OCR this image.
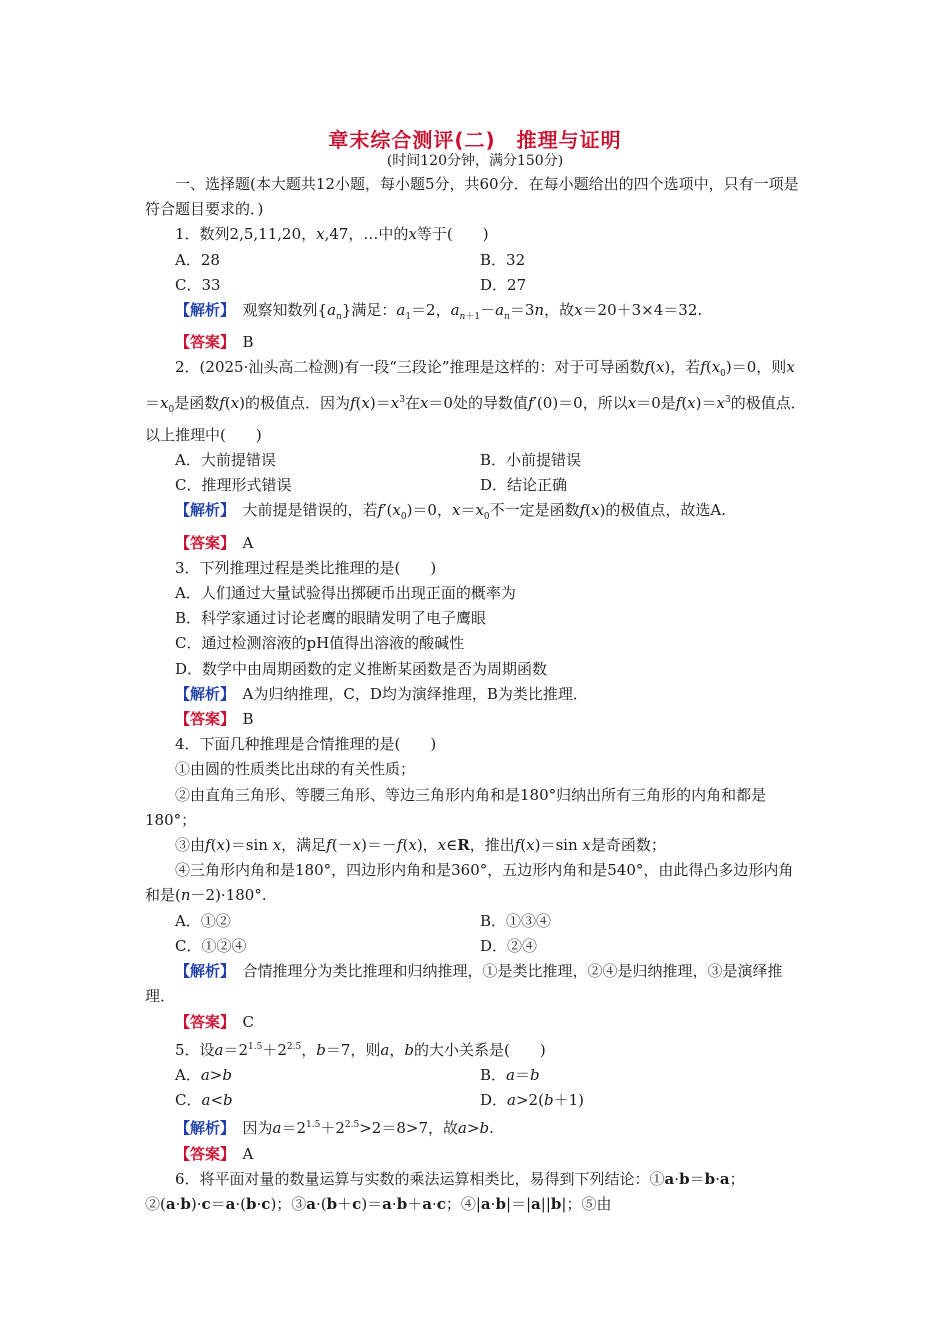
章末综合测评(二)　推理与证明
(时间120分钟，满分150分)

一、选择题(本大题共12小题，每小题5分，共60分．在每小题给出的四个选项中，只有一项是符合题目要求的．)

1．数列2,5,11,20，x,47，…中的x等于(　　)

A．28	B．32
C．33	D．27

【解析】　观察知数列$\{a_n\}$满足：$a_1=2$，$a_{n+1}-a_n=3n$，故x＝20＋3×4＝32.

【答案】　 B

2．(2025·汕头高二检测)有一段“三段论”推理是这样的：对于可导函数f(x)，若$f(x_0)=0$，则$x=x_0$是函数f(x)的极值点．因为$f(x)=x^3$在x＝0处的导数值f′(0)＝0，所以x＝0是$f(x)=x^3$的极值点．以上推理中(　　)

A．大前提错误	B．小前提错误
C．推理形式错误	D．结论正确

【解析】　大前提是错误的，若$f'(x_0)=0$，$x=x_0$不一定是函数f(x)的极值点，故选A.

【答案】　 A

3．下列推理过程是类比推理的是(　　)

A．人们通过大量试验得出掷硬币出现正面的概率为

B．科学家通过讨论老鹰的眼睛发明了电子鹰眼

C．通过检测溶液的pH值得出溶液的酸碱性

D．数学中由周期函数的定义推断某函数是否为周期函数

【解析】　 A为归纳推理，C，D均为演绎推理，B为类比推理．

【答案】　 B

4．下面几种推理是合情推理的是(　　)

①由圆的性质类比出球的有关性质；

②由直角三角形、等腰三角形、等边三角形内角和是180°归纳出所有三角形的内角和都是180°；

③由f(x)＝sin x，满足f(－x)＝－f(x)，x∈R，推出f(x)＝sin x是奇函数；

④三角形内角和是180°，四边形内角和是360°，五边形内角和是540°，由此得凸多边形内角和是(n－2)·180°.

A．①②	B．①③④
C．①②④	D．②④

【解析】　 合情推理分为类比推理和归纳推理，①是类比推理，②④是归纳推理，③是演绎推理．

【答案】　 C

5．设$a=2^{1.5}+2^{2.5}$，b＝7，则a，b的大小关系是(　　)

A．a>b	B．a＝b
C．a<b	D．a>2(b＋1)

【解析】　因为$a=2^{1.5}+2^{2.5}>2=8>7$，故a>b.

【答案】　 A

6．将平面对量的数量运算与实数的乘法运算相类比，易得到下列结论：①a·b＝b·a；②(a·b)·c＝a·(b·c)；③a·(b＋c)＝a·b＋a·c；④|a·b|＝|a||b|；⑤由
